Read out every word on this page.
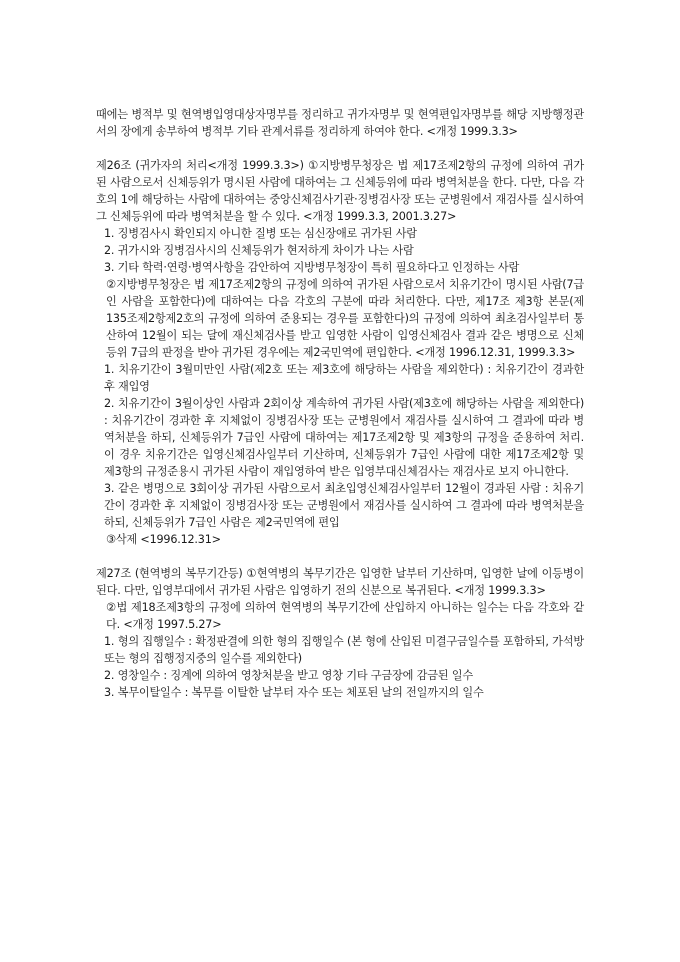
때에는 병적부 및 현역병입영대상자명부를 정리하고 귀가자명부 및 현역편입자명부를 해당 지방행정관서의 장에게 송부하여 병적부 기타 관계서류를 정리하게 하여야 한다. <개정 1999.3.3>

제26조 (귀가자의 처리<개정 1999.3.3>) ①지방병무청장은 법 제17조제2항의 규정에 의하여 귀가된 사람으로서 신체등위가 명시된 사람에 대하여는 그 신체등위에 따라 병역처분을 한다. 다만, 다음 각호의 1에 해당하는 사람에 대하여는 중앙신체검사기관·징병검사장 또는 군병원에서 재검사를 실시하여 그 신체등위에 따라 병역처분을 할 수 있다. <개정 1999.3.3, 2001.3.27>

1. 징병검사시 확인되지 아니한 질병 또는 심신장애로 귀가된 사람

2. 귀가시와 징병검사시의 신체등위가 현저하게 차이가 나는 사람

3. 기타 학력·연령·병역사항을 감안하여 지방병무청장이 특히 필요하다고 인정하는 사람

②지방병무청장은 법 제17조제2항의 규정에 의하여 귀가된 사람으로서 치유기간이 명시된 사람(7급인 사람을 포함한다)에 대하여는 다음 각호의 구분에 따라 처리한다. 다만, 제17조 제3항 본문(제135조제2항제2호의 규정에 의하여 준용되는 경우를 포함한다)의 규정에 의하여 최초검사일부터 통산하여 12월이 되는 달에 재신체검사를 받고 입영한 사람이 입영신체검사 결과 같은 병명으로 신체등위 7급의 판정을 받아 귀가된 경우에는 제2국민역에 편입한다. <개정 1996.12.31, 1999.3.3>

1. 치유기간이 3월미만인 사람(제2호 또는 제3호에 해당하는 사람을 제외한다) : 치유기간이 경과한 후 재입영

2. 치유기간이 3월이상인 사람과 2회이상 계속하여 귀가된 사람(제3호에 해당하는 사람을 제외한다) : 치유기간이 경과한 후 지체없이 징병검사장 또는 군병원에서 재검사를 실시하여 그 결과에 따라 병역처분을 하되, 신체등위가 7급인 사람에 대하여는 제17조제2항 및 제3항의 규정을 준용하여 처리. 이 경우 치유기간은 입영신체검사일부터 기산하며, 신체등위가 7급인 사람에 대한 제17조제2항 및 제3항의 규정준용시 귀가된 사람이 재입영하여 받은 입영부대신체검사는 재검사로 보지 아니한다.

3. 같은 병명으로 3회이상 귀가된 사람으로서 최초입영신체검사일부터 12월이 경과된 사람 : 치유기간이 경과한 후 지체없이 징병검사장 또는 군병원에서 재검사를 실시하여 그 결과에 따라 병역처분을 하되, 신체등위가 7급인 사람은 제2국민역에 편입

③삭제 <1996.12.31>

제27조 (현역병의 복무기간등) ①현역병의 복무기간은 입영한 날부터 기산하며, 입영한 날에 이등병이 된다. 다만, 입영부대에서 귀가된 사람은 입영하기 전의 신분으로 복귀된다. <개정 1999.3.3>

②법 제18조제3항의 규정에 의하여 현역병의 복무기간에 산입하지 아니하는 일수는 다음 각호와 같다. <개정 1997.5.27>

1. 형의 집행일수 : 확정판결에 의한 형의 집행일수 (본 형에 산입된 미결구금일수를 포함하되, 가석방 또는 형의 집행정지중의 일수를 제외한다)

2. 영창일수 : 징계에 의하여 영창처분을 받고 영창 기타 구금장에 감금된 일수

3. 복무이탈일수 : 복무를 이탈한 날부터 자수 또는 체포된 날의 전일까지의 일수
